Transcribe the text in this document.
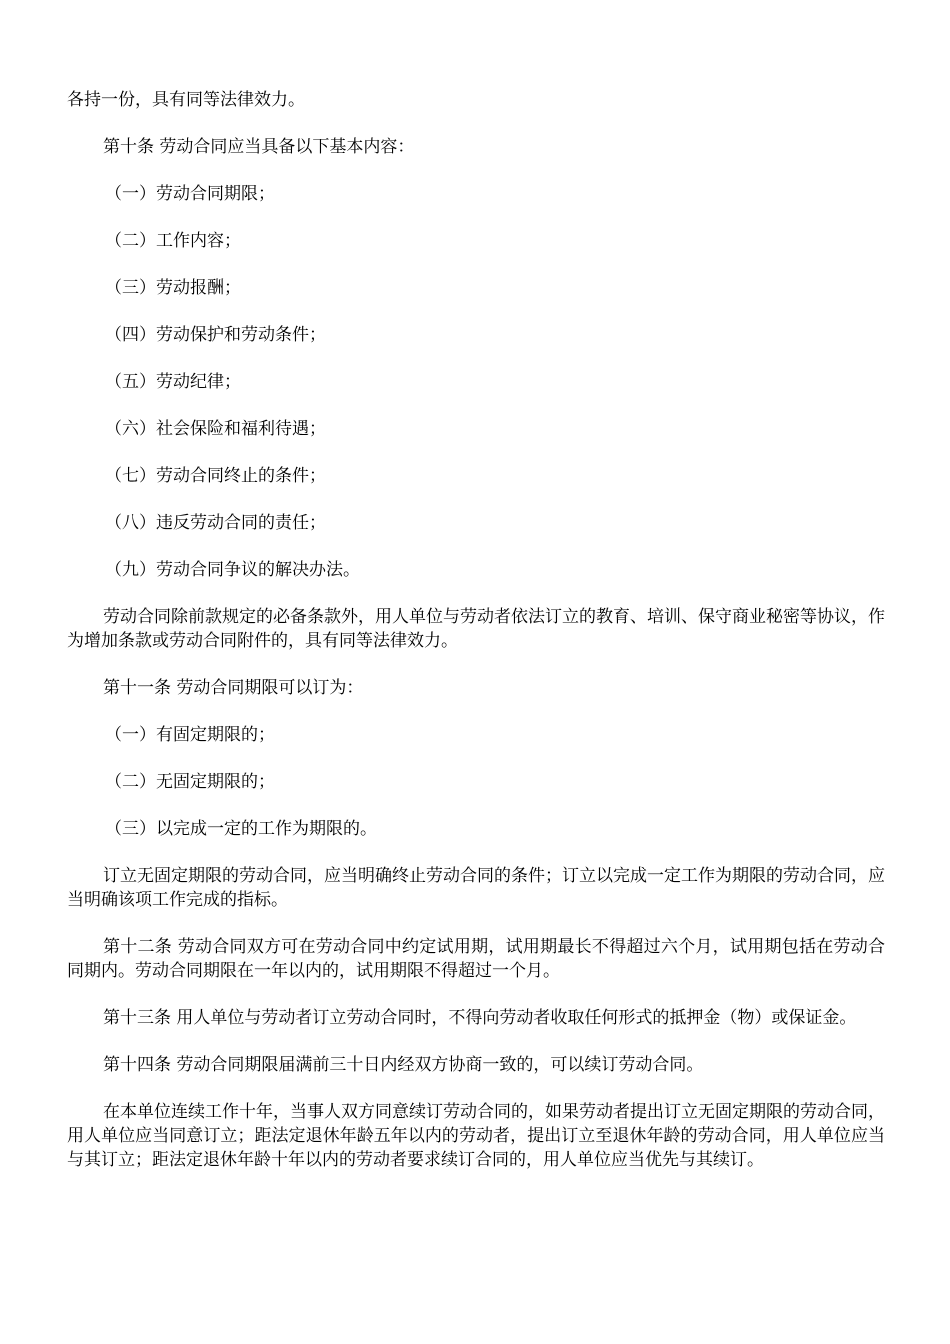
各持一份，具有同等法律效力。

第十条 劳动合同应当具备以下基本内容：

（一）劳动合同期限；

（二）工作内容；

（三）劳动报酬；

（四）劳动保护和劳动条件；

（五）劳动纪律；

（六）社会保险和福利待遇；

（七）劳动合同终止的条件；

（八）违反劳动合同的责任；

（九）劳动合同争议的解决办法。

劳动合同除前款规定的必备条款外，用人单位与劳动者依法订立的教育、培训、保守商业秘密等协议，作为增加条款或劳动合同附件的，具有同等法律效力。

第十一条 劳动合同期限可以订为：

（一）有固定期限的；

（二）无固定期限的；

（三）以完成一定的工作为期限的。

订立无固定期限的劳动合同，应当明确终止劳动合同的条件；订立以完成一定工作为期限的劳动合同，应当明确该项工作完成的指标。

第十二条 劳动合同双方可在劳动合同中约定试用期，试用期最长不得超过六个月，试用期包括在劳动合同期内。劳动合同期限在一年以内的，试用期限不得超过一个月。

第十三条 用人单位与劳动者订立劳动合同时，不得向劳动者收取任何形式的抵押金（物）或保证金。

第十四条 劳动合同期限届满前三十日内经双方协商一致的，可以续订劳动合同。

在本单位连续工作十年，当事人双方同意续订劳动合同的，如果劳动者提出订立无固定期限的劳动合同，用人单位应当同意订立；距法定退休年龄五年以内的劳动者，提出订立至退休年龄的劳动合同，用人单位应当与其订立；距法定退休年龄十年以内的劳动者要求续订合同的，用人单位应当优先与其续订。
